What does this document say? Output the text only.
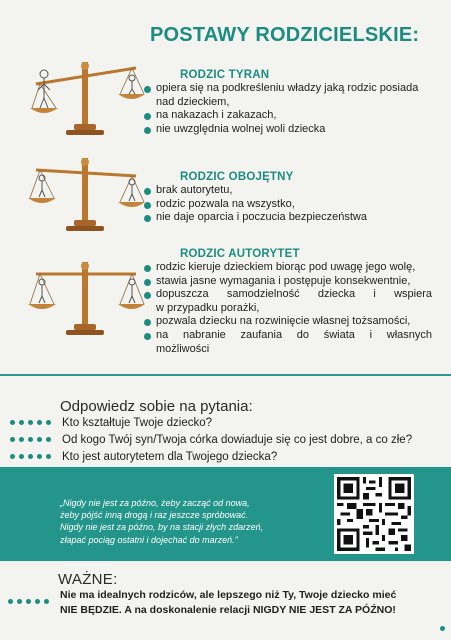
POSTAWY RODZICIELSKIE:
RODZIC TYRAN
opiera się na podkreśleniu władzy jaką rodzic posiada
nad dzieckiem,
na nakazach i zakazach,
nie uwzględnia wolnej woli dziecka
RODZIC OBOJĘTNY
brak autorytetu,
rodzic pozwala na wszystko,
nie daje oparcia i poczucia bezpieczeństwa
RODZIC AUTORYTET
rodzic kieruje dzieckiem biorąc pod uwagę jego wolę,
stawia jasne wymagania i postępuje konsekwentnie,
dopuszcza samodzielność dziecka i wspiera
w przypadku porażki,
pozwala dziecku na rozwinięcie własnej tożsamości,
na nabranie zaufania do świata i własnych
możliwości
Odpowiedz sobie na pytania:
Kto kształtuje Twoje dziecko?
Od kogo Twój syn/Twoja córka dowiaduje się co jest dobre, a co złe?
Kto jest autorytetem dla Twojego dziecka?
„Nigdy nie jest za późno, żeby zacząć od nowa,
żeby pójść inną drogą i raz jeszcze spróbować.
Nigdy nie jest za późno, by na stacji złych zdarzeń,
złapać pociąg ostatni i dojechać do marzeń.”
WAŻNE:
Nie ma idealnych rodziców, ale lepszego niż Ty, Twoje dziecko mieć
NIE BĘDZIE. A na doskonalenie relacji NIGDY NIE JEST ZA PÓŹNO!
